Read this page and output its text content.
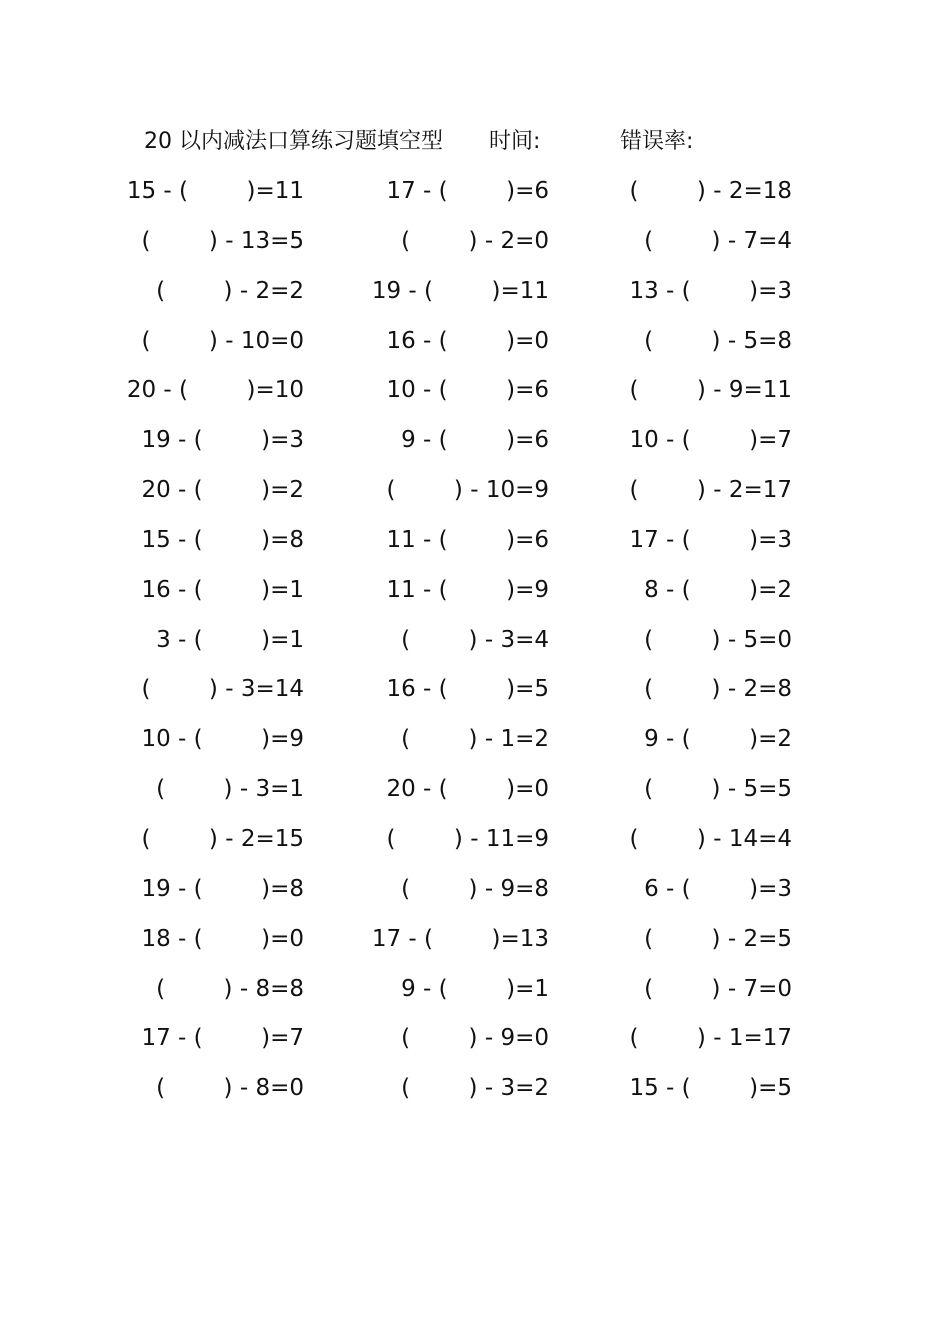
20 以内减法口算练习题填空型 时间:	错误率:
15 - (        )=11	17 - (        )=6	(        ) - 2=18
(        ) - 13=5	(        ) - 2=0	(        ) - 7=4
(        ) - 2=2	19 - (        )=11	13 - (        )=3
(        ) - 10=0	16 - (        )=0	(        ) - 5=8
20 - (        )=10	10 - (        )=6	(        ) - 9=11
19 - (        )=3	9 - (        )=6	10 - (        )=7
20 - (        )=2	(        ) - 10=9	(        ) - 2=17
15 - (        )=8	11 - (        )=6	17 - (        )=3
16 - (        )=1	11 - (        )=9	8 - (        )=2
3 - (        )=1	(        ) - 3=4	(        ) - 5=0
(        ) - 3=14	16 - (        )=5	(        ) - 2=8
10 - (        )=9	(        ) - 1=2	9 - (        )=2
(        ) - 3=1	20 - (        )=0	(        ) - 5=5
(        ) - 2=15	(        ) - 11=9	(        ) - 14=4
19 - (        )=8	(        ) - 9=8	6 - (        )=3
18 - (        )=0	17 - (        )=13	(        ) - 2=5
(        ) - 8=8	9 - (        )=1	(        ) - 7=0
17 - (        )=7	(        ) - 9=0	(        ) - 1=17
(        ) - 8=0	(        ) - 3=2	15 - (        )=5
